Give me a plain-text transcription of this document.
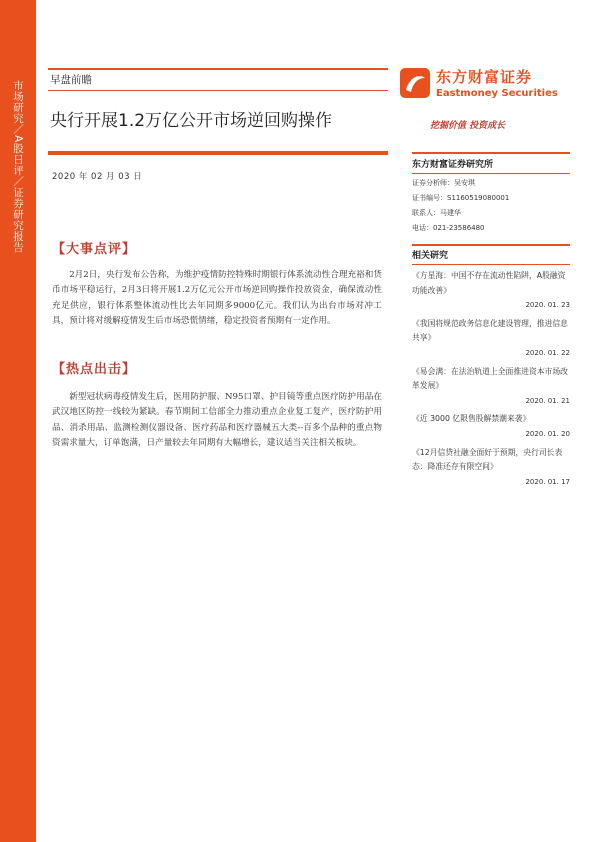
市场研究／A股日评／证券研究报告	早盘前瞻
央行开展1.2万亿公开市场逆回购操作
2020 年 02 月 03 日
东方财富证券
Eastmoney Securities
挖掘价值 投资成长
【大事点评】
2月2日，央行发布公告称，为维护疫情防控特殊时期银行体系流动性合理充裕和货币市场平稳运行，2月3日将开展1.2万亿元公开市场逆回购操作投放资金，确保流动性充足供应，银行体系整体流动性比去年同期多9000亿元。我们认为出台市场对冲工具，预计将对缓解疫情发生后市场恐慌情绪，稳定投资者预期有一定作用。
【热点出击】
新型冠状病毒疫情发生后，医用防护服、N95口罩、护目镜等重点医疗防护用品在武汉地区防控一线较为紧缺。春节期间工信部全力推动重点企业复工复产，医疗防护用品、消杀用品、监测检测仪器设备、医疗药品和医疗器械五大类--百多个品种的重点物资需求量大，订单饱满，日产量较去年同期有大幅增长，建议适当关注相关板块。
东方财富证券研究所
证券分析师：吴安琪
证书编号：S1160519080001
联系人：马建华
电话：021-23586480
相关研究
《方星海：中国不存在流动性陷阱，A股融资功能改善》
2020. 01. 23
《我国将规范政务信息化建设管理，推进信息共享》
2020. 01. 22
《易会满：在法治轨道上全面推进资本市场改革发展》
2020. 01. 21
《近 3000 亿限售股解禁潮来袭》
2020. 01. 20
《12月信贷社融全面好于预期，央行司长表态：降准还存有限空间》
2020. 01. 17
